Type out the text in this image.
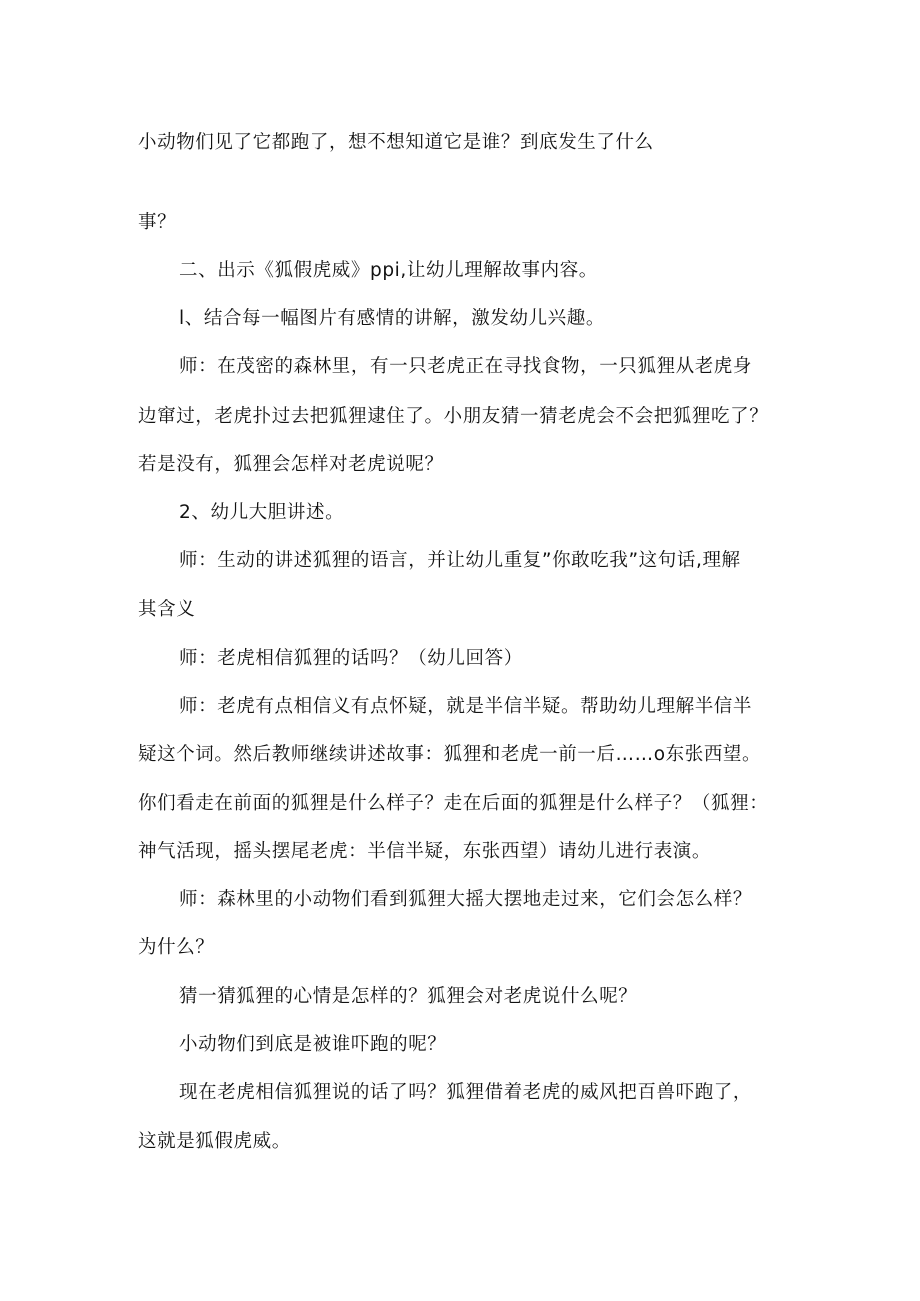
小动物们见了它都跑了，想不想知道它是谁？到底发生了什么
事？
二、出示《狐假虎威》ppi,让幼儿理解故事内容。
l、结合每一幅图片有感情的讲解，激发幼儿兴趣。
师：在茂密的森林里，有一只老虎正在寻找食物，一只狐狸从老虎身
边窜过，老虎扑过去把狐狸逮住了。小朋友猜一猜老虎会不会把狐狸吃了？
若是没有，狐狸会怎样对老虎说呢？
2、幼儿大胆讲述。
师：生动的讲述狐狸的语言，并让幼儿重复”你敢吃我”这句话,理解
其含义
师：老虎相信狐狸的话吗？（幼儿回答）
师：老虎有点相信义有点怀疑，就是半信半疑。帮助幼儿理解半信半
疑这个词。然后教师继续讲述故事：狐狸和老虎一前一后……o东张西望。
你们看走在前面的狐狸是什么样子？走在后面的狐狸是什么样子？（狐狸：
神气活现，摇头摆尾老虎：半信半疑，东张西望）请幼儿进行表演。
师：森林里的小动物们看到狐狸大摇大摆地走过来，它们会怎么样？
为什么？
猜一猜狐狸的心情是怎样的？狐狸会对老虎说什么呢？
小动物们到底是被谁吓跑的呢？
现在老虎相信狐狸说的话了吗？狐狸借着老虎的威风把百兽吓跑了，
这就是狐假虎威。
